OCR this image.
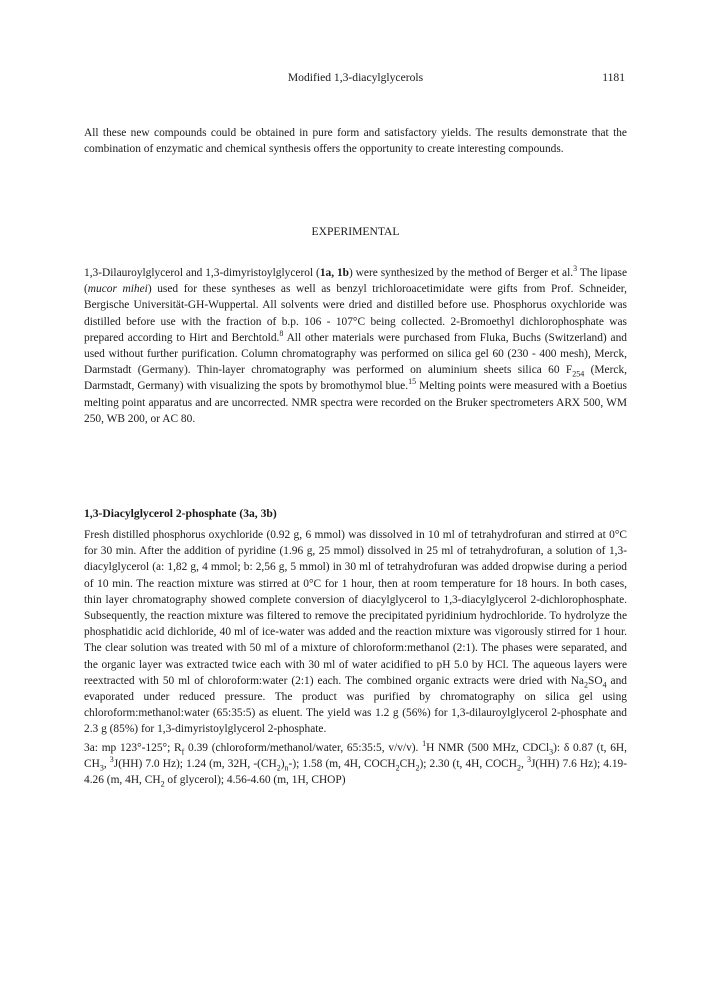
Modified 1,3-diacylglycerols	1181

All these new compounds could be obtained in pure form and satisfactory yields. The results demonstrate that the combination of enzymatic and chemical synthesis offers the opportunity to create interesting compounds.

EXPERIMENTAL

1,3-Dilauroylglycerol and 1,3-dimyristoylglycerol (1a, 1b) were synthesized by the method of Berger et al.$^3$ The lipase (mucor mihei) used for these syntheses as well as benzyl trichloroacetimidate were gifts from Prof. Schneider, Bergische Universität-GH-Wuppertal. All solvents were dried and distilled before use. Phosphorus oxychloride was distilled before use with the fraction of b.p. 106 - 107°C being collected. 2-Bromoethyl dichlorophosphate was prepared according to Hirt and Berchtold.$^8$ All other materials were purchased from Fluka, Buchs (Switzerland) and used without further purification. Column chromatography was performed on silica gel 60 (230 - 400 mesh), Merck, Darmstadt (Germany). Thin-layer chromatography was performed on aluminium sheets silica 60 $F_{254}$ (Merck, Darmstadt, Germany) with visualizing the spots by bromothymol blue.$^{15}$ Melting points were measured with a Boetius melting point apparatus and are uncorrected. NMR spectra were recorded on the Bruker spectrometers ARX 500, WM 250, WB 200, or AC 80.

1,3-Diacylglycerol 2-phosphate (3a, 3b)

Fresh distilled phosphorus oxychloride (0.92 g, 6 mmol) was dissolved in 10 ml of tetrahydrofuran and stirred at 0°C for 30 min. After the addition of pyridine (1.96 g, 25 mmol) dissolved in 25 ml of tetrahydrofuran, a solution of 1,3-diacylglycerol (a: 1,82 g, 4 mmol; b: 2,56 g, 5 mmol) in 30 ml of tetrahydrofuran was added dropwise during a period of 10 min. The reaction mixture was stirred at 0°C for 1 hour, then at room temperature for 18 hours. In both cases, thin layer chromatography showed complete conversion of diacylglycerol to 1,3-diacylglycerol 2-dichlorophosphate. Subsequently, the reaction mixture was filtered to remove the precipitated pyridinium hydrochloride. To hydrolyze the phosphatidic acid dichloride, 40 ml of ice-water was added and the reaction mixture was vigorously stirred for 1 hour. The clear solution was treated with 50 ml of a mixture of chloroform:methanol (2:1). The phases were separated, and the organic layer was extracted twice each with 30 ml of water acidified to pH 5.0 by HCl. The aqueous layers were reextracted with 50 ml of chloroform:water (2:1) each. The combined organic extracts were dried with $Na_2SO_4$ and evaporated under reduced pressure. The product was purified by chromatography on silica gel using chloroform:methanol:water (65:35:5) as eluent. The yield was 1.2 g (56%) for 1,3-dilauroylglycerol 2-phosphate and 2.3 g (85%) for 1,3-dimyristoylglycerol 2-phosphate.

3a: mp 123°-125°; $R_f$ 0.39 (chloroform/methanol/water, 65:35:5, v/v/v). $^1$H NMR (500 MHz, CDCl$_3$): δ 0.87 (t, 6H, $CH_3$, $^3$J(HH) 7.0 Hz); 1.24 (m, 32H, $-(CH_2)_n-$); 1.58 (m, 4H, $COCH_2CH_2$); 2.30 (t, 4H, $COCH_2$, $^3$J(HH) 7.6 Hz); 4.19-4.26 (m, 4H, $CH_2$ of glycerol); 4.56-4.60 (m, 1H, CHOP)
